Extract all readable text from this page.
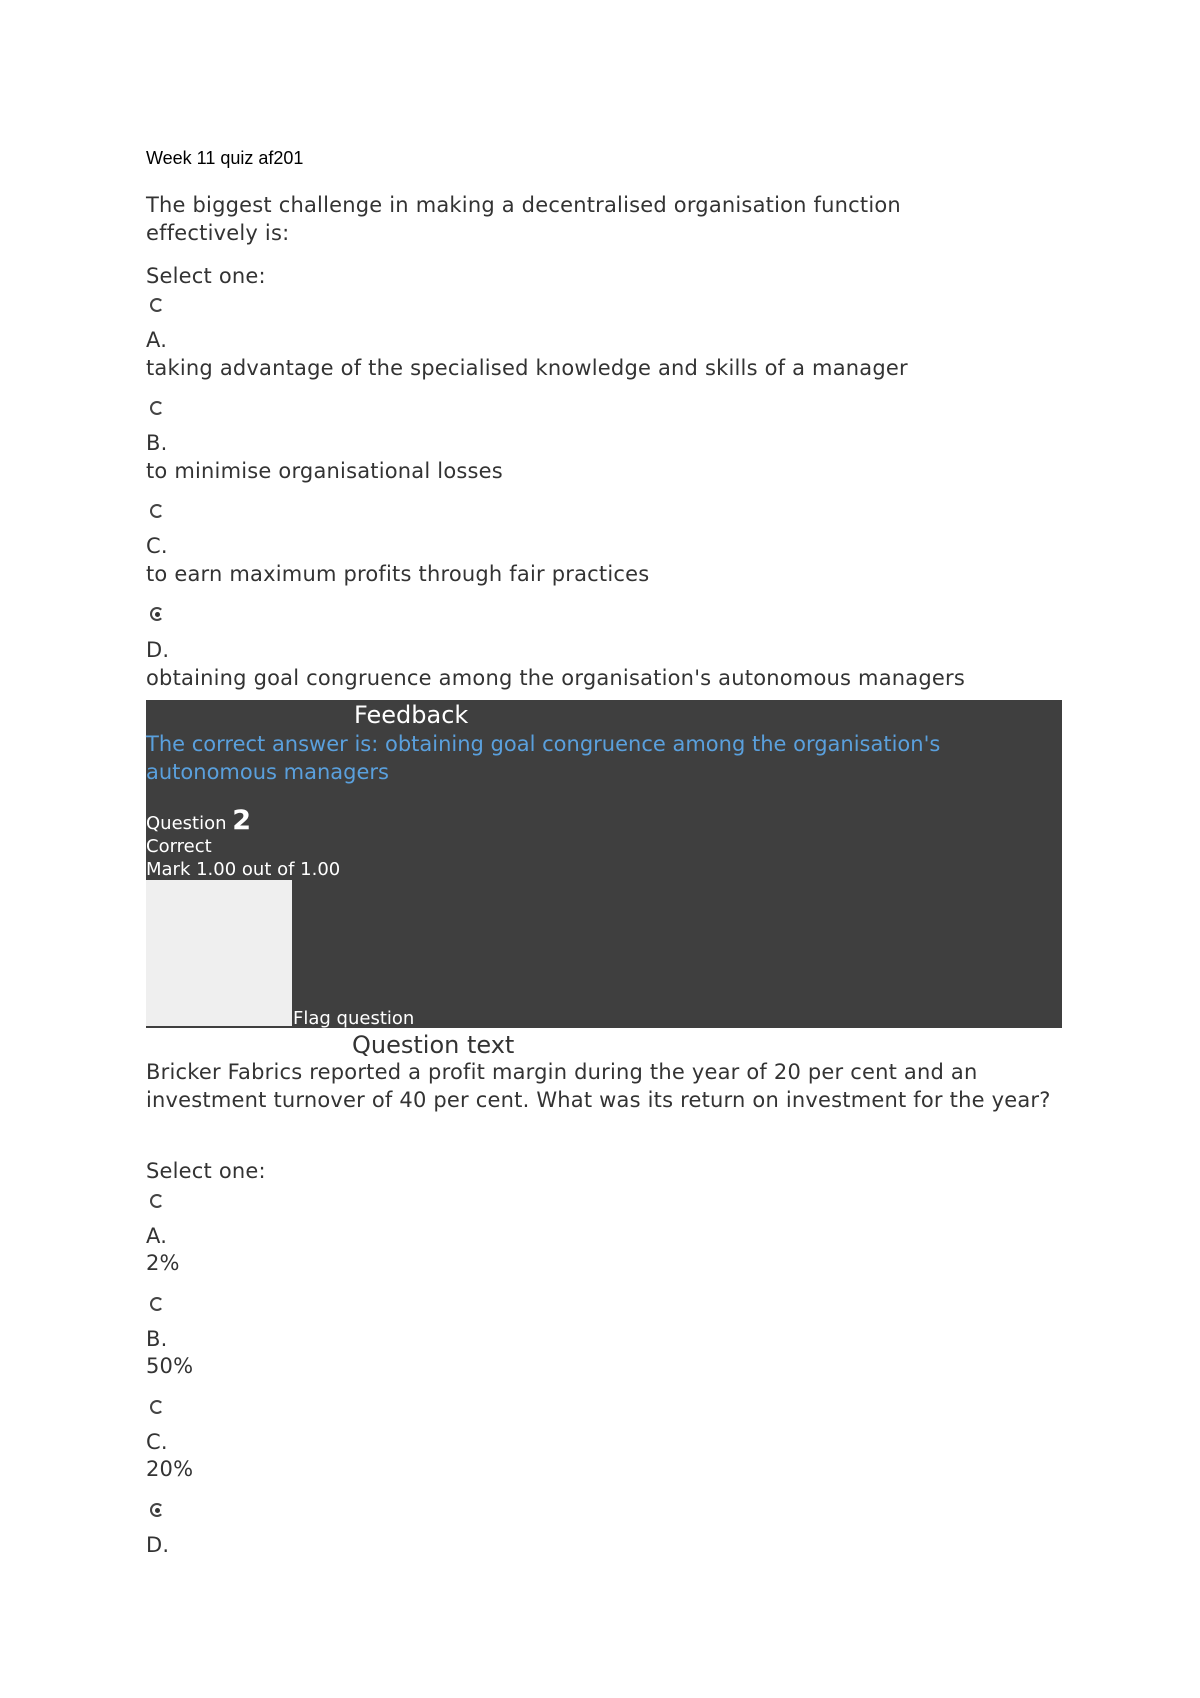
Week 11 quiz af201
The biggest challenge in making a decentralised organisation function effectively is:
Select one:
A.
taking advantage of the specialised knowledge and skills of a manager
B.
to minimise organisational losses
C.
to earn maximum profits through fair practices
D.
obtaining goal congruence among the organisation's autonomous managers
Feedback
The correct answer is: obtaining goal congruence among the organisation's autonomous managers
Question 2
Correct
Mark 1.00 out of 1.00
Flag question
Question text
Bricker Fabrics reported a profit margin during the year of 20 per cent and an investment turnover of 40 per cent. What was its return on investment for the year?
Select one:
A.
2%
B.
50%
C.
20%
D.
